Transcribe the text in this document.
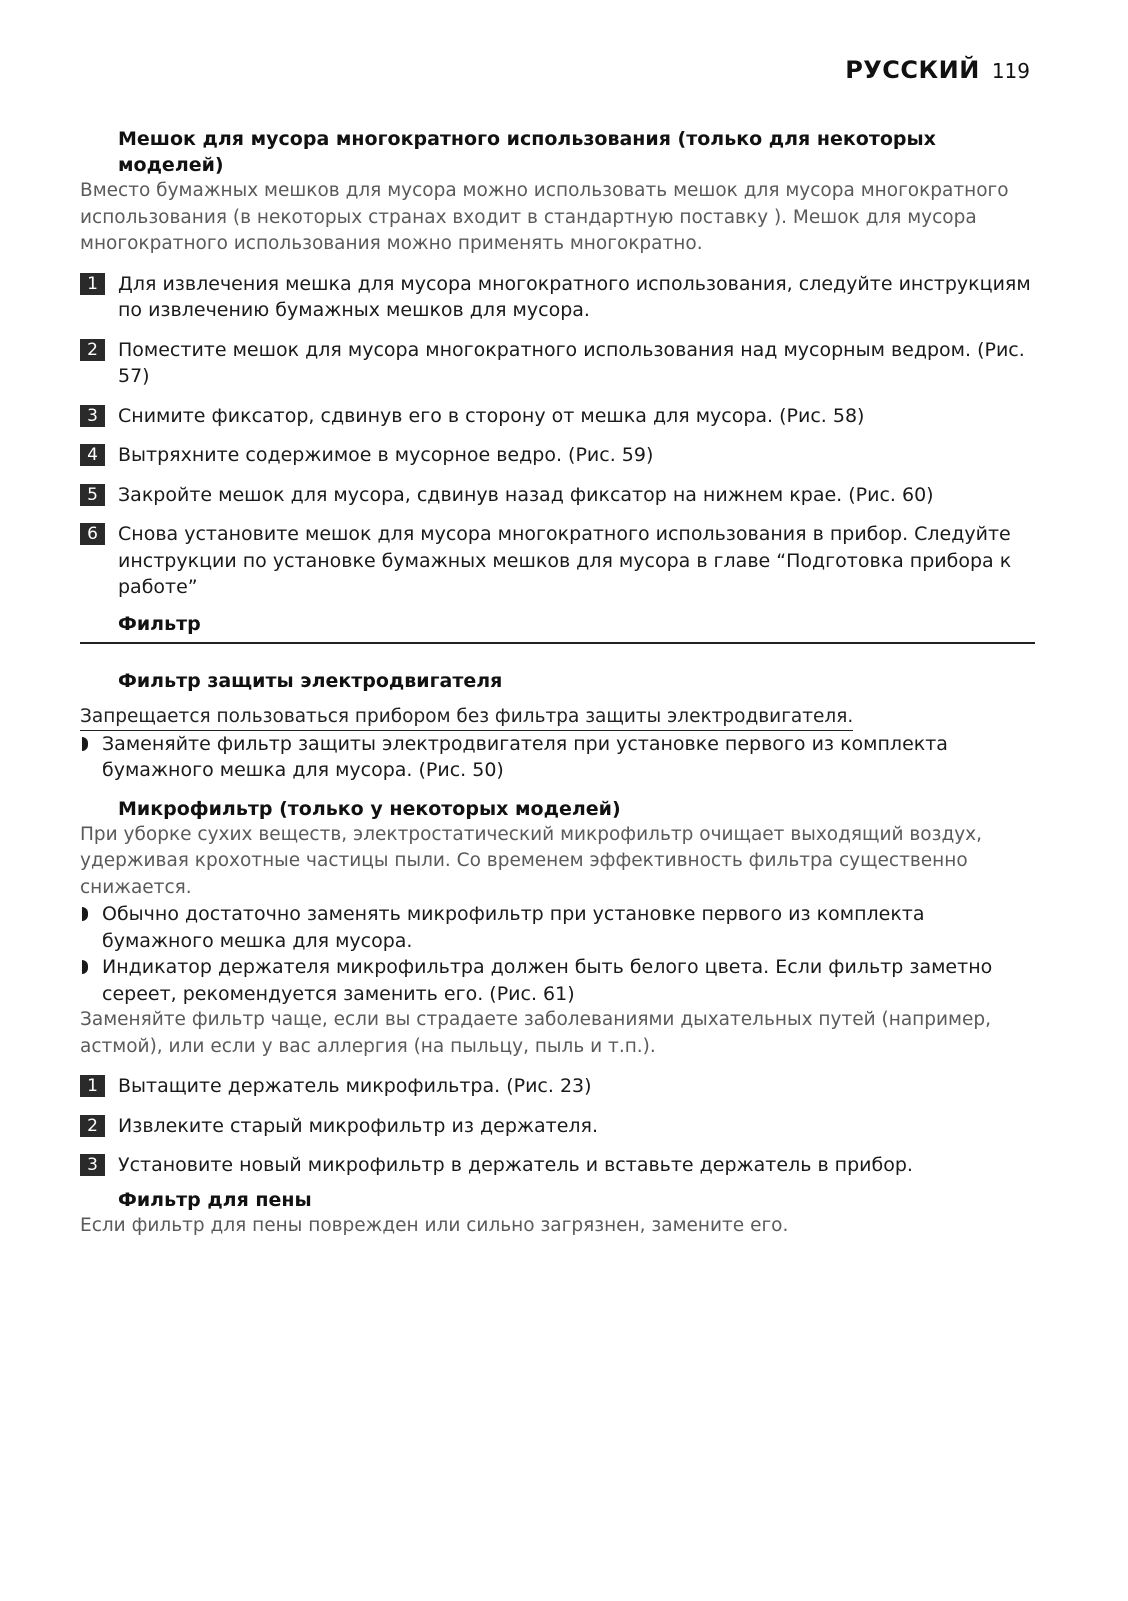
РУССКИЙ 119
Мешок для мусора многократного использования (только для некоторых моделей)

Вместо бумажных мешков для мусора можно использовать мешок для мусора многократного использования (в некоторых странах входит в стандартную поставку ). Мешок для мусора многократного использования можно применять многократно.

1	Для извлечения мешка для мусора многократного использования, следуйте инструкциям по извлечению бумажных мешков для мусора.
2	Поместите мешок для мусора многократного использования над мусорным ведром. (Рис. 57)
3	Снимите фиксатор, сдвинув его в сторону от мешка для мусора. (Рис. 58)
4	Вытряхните содержимое в мусорное ведро. (Рис. 59)
5	Закройте мешок для мусора, сдвинув назад фиксатор на нижнем крае. (Рис. 60)
6	Снова установите мешок для мусора многократного использования в прибор. Следуйте инструкции по установке бумажных мешков для мусора в главе “Подготовка прибора к работе”
Фильтр
Фильтр защиты электродвигателя

Запрещается пользоваться прибором без фильтра защиты электродвигателя.

Заменяйте фильтр защиты электродвигателя при установке первого из комплекта бумажного мешка для мусора. (Рис. 50)
Микрофильтр (только у некоторых моделей)

При уборке сухих веществ, электростатический микрофильтр очищает выходящий воздух, удерживая крохотные частицы пыли. Со временем эффективность фильтра существенно снижается.

Обычно достаточно заменять микрофильтр при установке первого из комплекта бумажного мешка для мусора.
Индикатор держателя микрофильтра должен быть белого цвета. Если фильтр заметно сереет, рекомендуется заменить его. (Рис. 61)

Заменяйте фильтр чаще, если вы страдаете заболеваниями дыхательных путей (например, астмой), или если у вас аллергия (на пыльцу, пыль и т.п.).

1	Вытащите держатель микрофильтра. (Рис. 23)
2	Извлеките старый микрофильтр из держателя.
3	Установите новый микрофильтр в держатель и вставьте держатель в прибор.
Фильтр для пены

Если фильтр для пены поврежден или сильно загрязнен, замените его.
